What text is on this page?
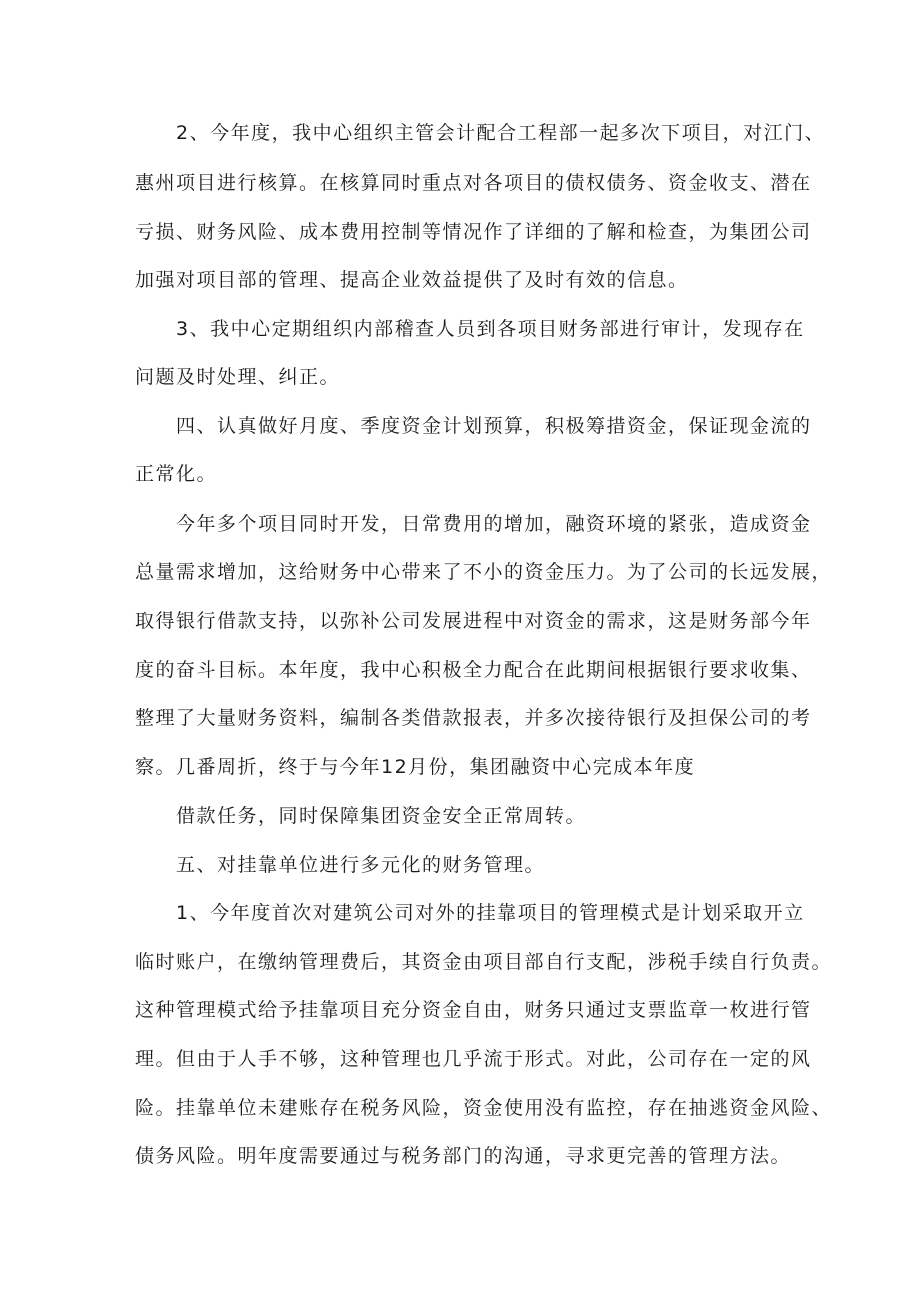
2、今年度，我中心组织主管会计配合工程部一起多次下项目，对江门、
惠州项目进行核算。在核算同时重点对各项目的债权债务、资金收支、潜在
亏损、财务风险、成本费用控制等情况作了详细的了解和检查，为集团公司
加强对项目部的管理、提高企业效益提供了及时有效的信息。
3、我中心定期组织内部稽查人员到各项目财务部进行审计，发现存在
问题及时处理、纠正。
四、认真做好月度、季度资金计划预算，积极筹措资金，保证现金流的
正常化。
今年多个项目同时开发，日常费用的增加，融资环境的紧张，造成资金
总量需求增加，这给财务中心带来了不小的资金压力。为了公司的长远发展，
取得银行借款支持，以弥补公司发展进程中对资金的需求，这是财务部今年
度的奋斗目标。本年度，我中心积极全力配合在此期间根据银行要求收集、
整理了大量财务资料，编制各类借款报表，并多次接待银行及担保公司的考
察。几番周折，终于与今年12月份，集团融资中心完成本年度
借款任务，同时保障集团资金安全正常周转。
五、对挂靠单位进行多元化的财务管理。
1、今年度首次对建筑公司对外的挂靠项目的管理模式是计划采取开立
临时账户，在缴纳管理费后，其资金由项目部自行支配，涉税手续自行负责。
这种管理模式给予挂靠项目充分资金自由，财务只通过支票监章一枚进行管
理。但由于人手不够，这种管理也几乎流于形式。对此，公司存在一定的风
险。挂靠单位未建账存在税务风险，资金使用没有监控，存在抽逃资金风险、
债务风险。明年度需要通过与税务部门的沟通，寻求更完善的管理方法。
